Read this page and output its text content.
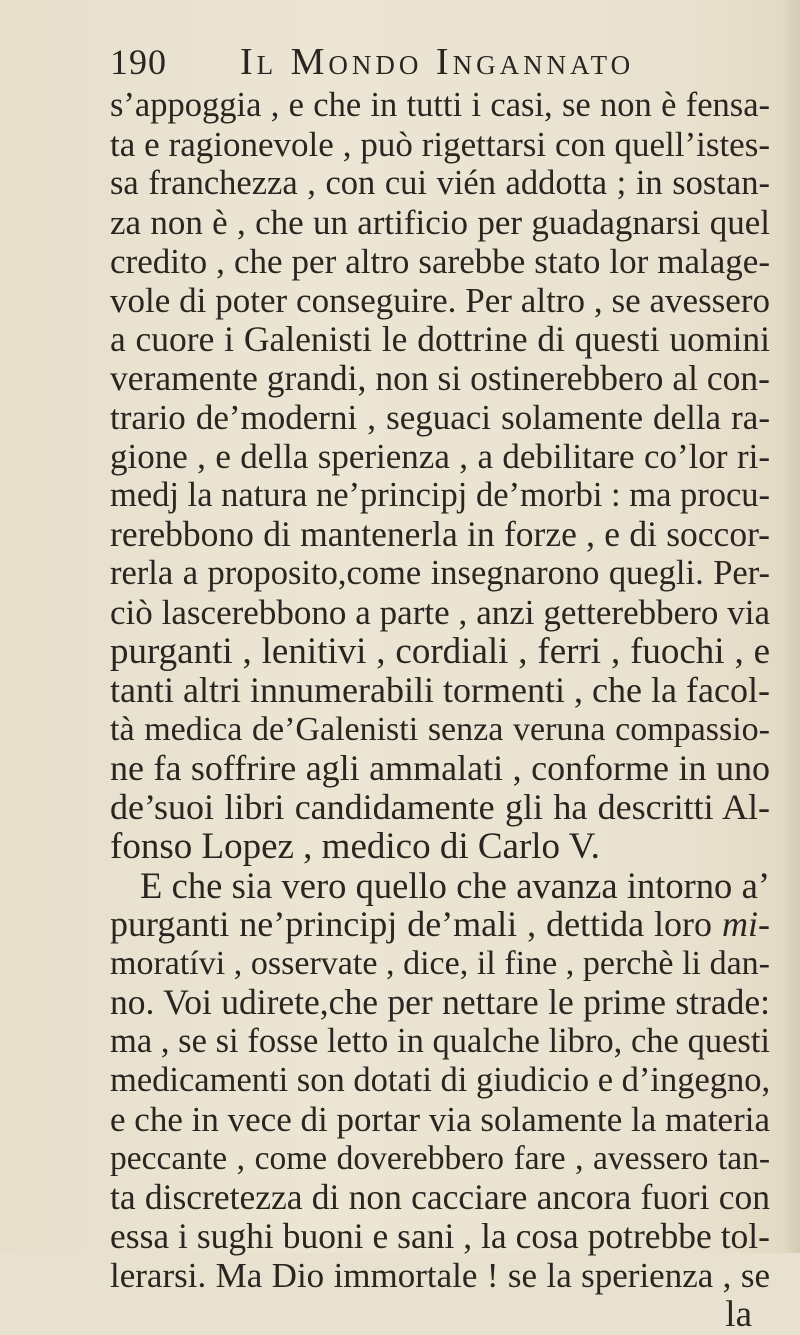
190	Il Mondo Ingannato
s’appoggia , e che in tutti i casi, se non è fensa-
ta e ragionevole , può rigettarsi con quell’istes-
sa franchezza , con cui vién addotta ; in sostan-
za non è , che un artificio per guadagnarsi quel
credito , che per altro sarebbe stato lor malage-
vole di poter conseguire. Per altro , se avessero
a cuore i Galenisti le dottrine di questi uomini
veramente grandi, non si ostinerebbero al con-
trario de’moderni , seguaci solamente della ra-
gione , e della sperienza , a debilitare co’lor ri-
medj la natura ne’principj de’morbi : ma procu-
rerebbono di mantenerla in forze , e di soccor-
rerla a proposito,come insegnarono quegli. Per-
ciò lascerebbono a parte , anzi getterebbero via
purganti , lenitivi , cordiali , ferri , fuochi , e
tanti altri innumerabili tormenti , che la facol-
tà medica de’Galenisti senza veruna compassio-
ne fa soffrire agli ammalati , conforme in uno
de’suoi libri candidamente gli ha descritti Al-
fonso Lopez , medico di Carlo V.
E che sia vero quello che avanza intorno a’
purganti ne’principj de’mali , dettida loro mi-
moratívi , osservate , dice, il fine , perchè li dan-
no. Voi udirete,che per nettare le prime strade:
ma , se si fosse letto in qualche libro, che questi
medicamenti son dotati di giudicio e d’ingegno,
e che in vece di portar via solamente la materia
peccante , come doverebbero fare , avessero tan-
ta discretezza di non cacciare ancora fuori con
essa i sughi buoni e sani , la cosa potrebbe tol-
lerarsi. Ma Dio immortale ! se la sperienza , se
la
